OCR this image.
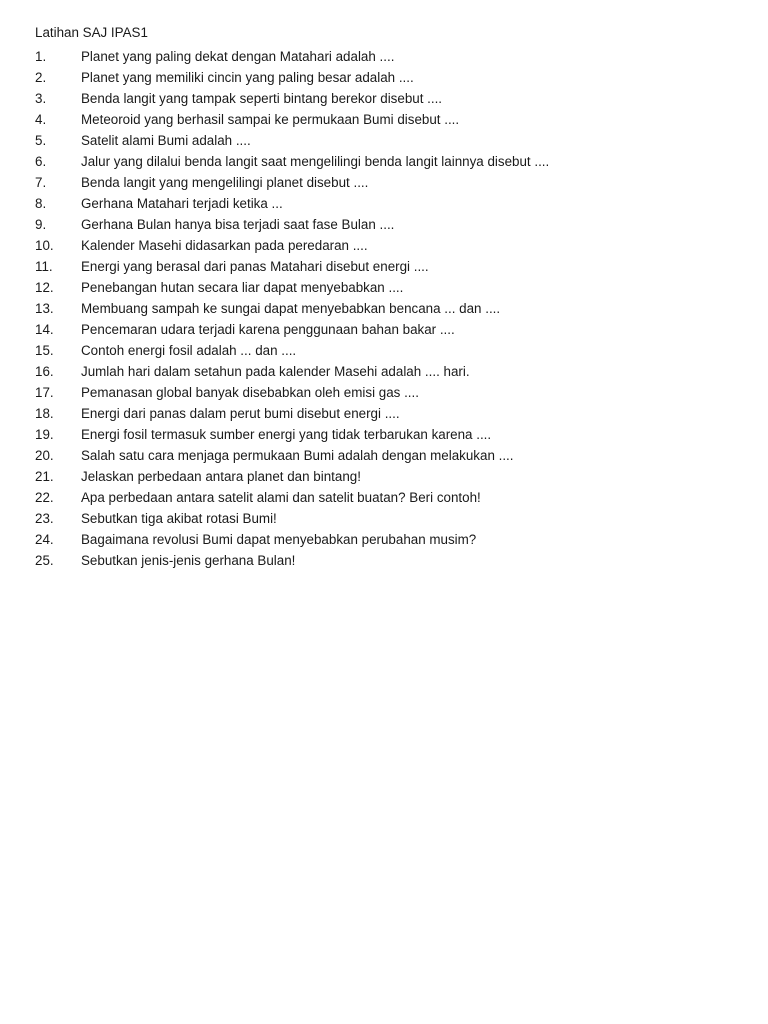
Latihan SAJ IPAS1
1.	Planet yang paling dekat dengan Matahari adalah ....
2.	Planet yang memiliki cincin yang paling besar adalah ....
3.	Benda langit yang tampak seperti bintang berekor disebut ....
4.	Meteoroid yang berhasil sampai ke permukaan Bumi disebut ....
5.	Satelit alami Bumi adalah ....
6.	Jalur yang dilalui benda langit saat mengelilingi benda langit lainnya disebut ....
7.	Benda langit yang mengelilingi planet disebut ....
8.	Gerhana Matahari terjadi ketika ...
9.	Gerhana Bulan hanya bisa terjadi saat fase Bulan ....
10. Kalender Masehi didasarkan pada peredaran ....
11. Energi yang berasal dari panas Matahari disebut energi ....
12. Penebangan hutan secara liar dapat menyebabkan ....
13. Membuang sampah ke sungai dapat menyebabkan bencana ... dan ....
14. Pencemaran udara terjadi karena penggunaan bahan bakar ....
15. Contoh energi fosil adalah ... dan ....
16. Jumlah hari dalam setahun pada kalender Masehi adalah .... hari.
17. Pemanasan global banyak disebabkan oleh emisi gas ....
18. Energi dari panas dalam perut bumi disebut energi ....
19. Energi fosil termasuk sumber energi yang tidak terbarukan karena ....
20. Salah satu cara menjaga permukaan Bumi adalah dengan melakukan ....
21. Jelaskan perbedaan antara planet dan bintang!
22. Apa perbedaan antara satelit alami dan satelit buatan? Beri contoh!
23. Sebutkan tiga akibat rotasi Bumi!
24. Bagaimana revolusi Bumi dapat menyebabkan perubahan musim?
25. Sebutkan jenis-jenis gerhana Bulan!
